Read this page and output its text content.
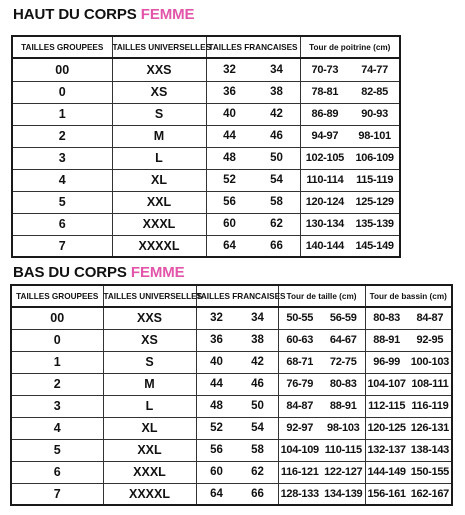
HAUT DU CORPS FEMME
TAILLES GROUPEES	TAILLES UNIVERSELLES	TAILLES FRANCAISES	Tour de poitrine (cm)
00	XXS	32 34	70-73 74-77

0	XS	36 38	78-81 82-85

1	S	40 42	86-89 90-93

2	M	44 46	94-97 98-101

3	L	48 50	102-105 106-109

4	XL	52 54	110-114 115-119

5	XXL	56 58	120-124 125-129

6	XXXL	60 62	130-134 135-139

7	XXXXL	64 66	140-144 145-149
BAS DU CORPS FEMME
TAILLES GROUPEES	TAILLES UNIVERSELLES	TAILLES FRANCAISES	Tour de taille (cm)	Tour de bassin (cm)
00	XXS	32 34	50-55 56-59	80-83 84-87

0	XS	36 38	60-63 64-67	88-91 92-95

1	S	40 42	68-71 72-75	96-99 100-103

2	M	44 46	76-79 80-83	104-107 108-111

3	L	48 50	84-87 88-91	112-115 116-119

4	XL	52 54	92-97 98-103	120-125 126-131

5	XXL	56 58	104-109 110-115	132-137 138-143

6	XXXL	60 62	116-121 122-127	144-149 150-155

7	XXXXL	64 66	128-133 134-139	156-161 162-167
